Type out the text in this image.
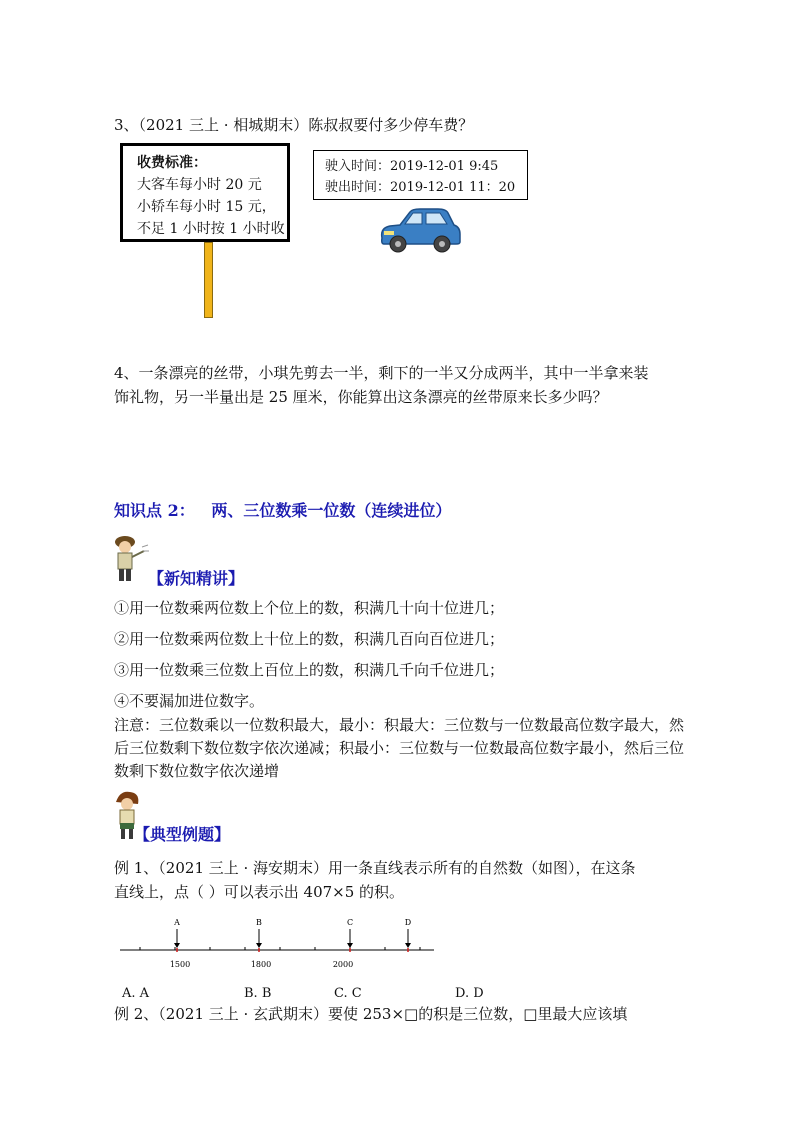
3、（2021 三上 · 相城期末）陈叔叔要付多少停车费？
收费标准：
大客车每小时 20 元
小轿车每小时 15 元，
不足 1 小时按 1 小时收
驶入时间：2019-12-01 9:45
驶出时间：2019-12-01 11：20
4、一条漂亮的丝带，小琪先剪去一半，剩下的一半又分成两半，其中一半拿来装
饰礼物，另一半量出是 25 厘米，你能算出这条漂亮的丝带原来长多少吗？
知识点 2：   两、三位数乘一位数（连续进位）
【新知精讲】
①用一位数乘两位数上个位上的数，积满几十向十位进几；
②用一位数乘两位数上十位上的数，积满几百向百位进几；
③用一位数乘三位数上百位上的数，积满几千向千位进几；
④不要漏加进位数字。
注意：三位数乘以一位数积最大，最小：积最大：三位数与一位数最高位数字最大，然后三位数剩下数位数字依次递减；积最小：三位数与一位数最高位数字最小，然后三位数剩下数位数字依次递增
【典型例题】
例 1、（2021 三上 · 海安期末）用一条直线表示所有的自然数（如图），在这条
直线上，点（ ）可以表示出 407×5 的积。
A	B	C	D
1500	1800	2000
A. A	B. B	C. C	D. D
例 2、（2021 三上 · 玄武期末）要使 253×□的积是三位数，□里最大应该填
